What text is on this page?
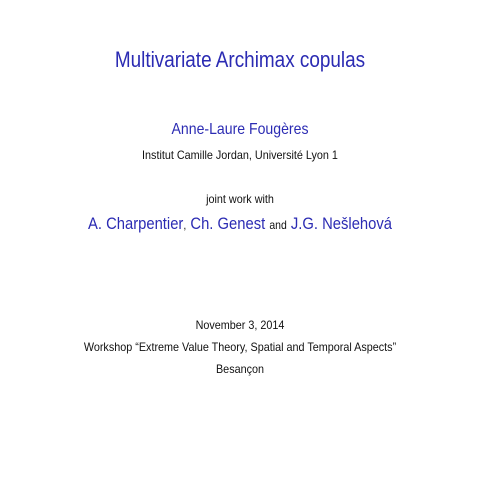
Multivariate Archimax copulas
Anne-Laure Fougères
Institut Camille Jordan, Université Lyon 1
joint work with
A. Charpentier, Ch. Genest and J.G. Nešlehová
November 3, 2014
Workshop “Extreme Value Theory, Spatial and Temporal Aspects”
Besançon
